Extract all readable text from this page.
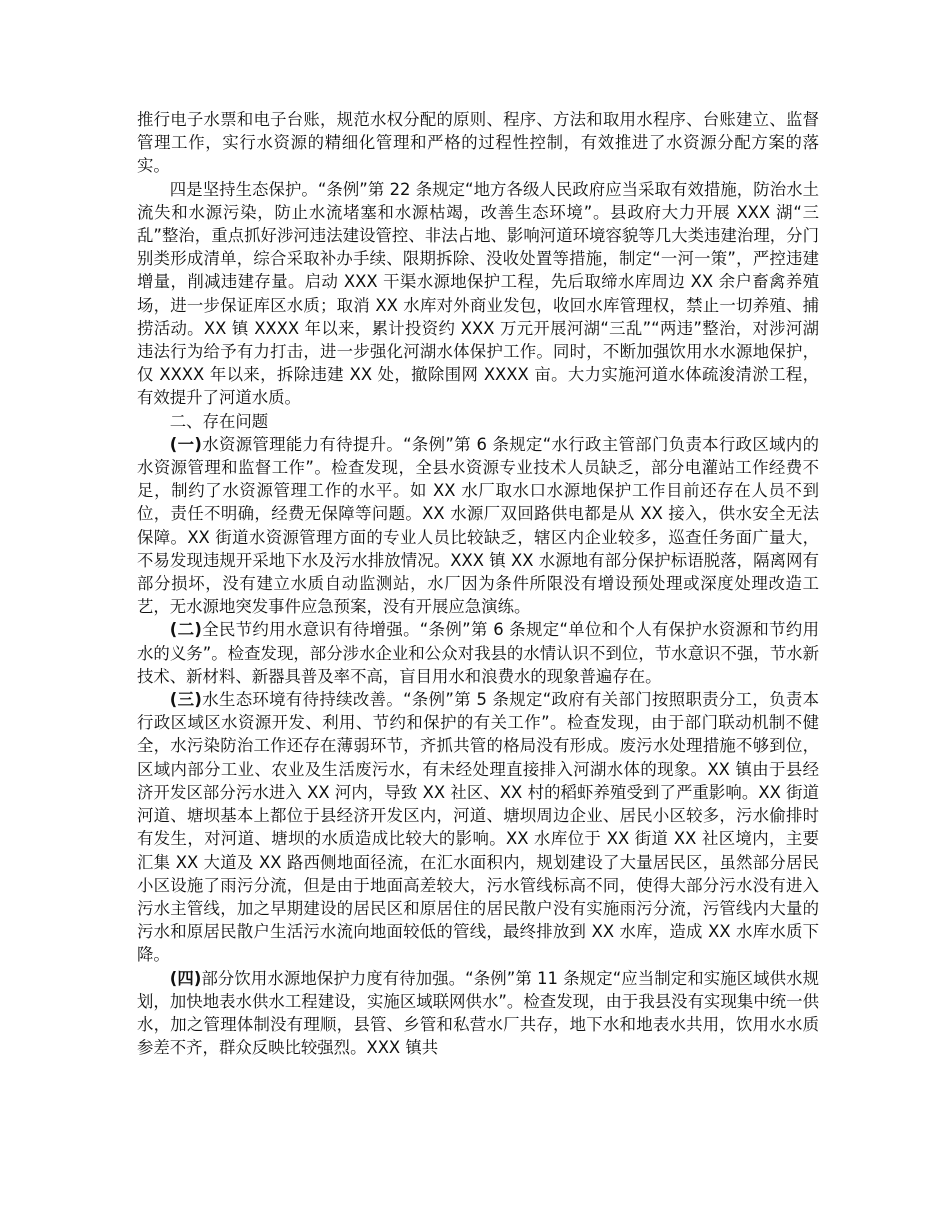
推行电子水票和电子台账，规范水权分配的原则、程序、方法和取用水程序、台账建立、监督管理工作，实行水资源的精细化管理和严格的过程性控制，有效推进了水资源分配方案的落实。

四是坚持生态保护。“条例”第 22 条规定“地方各级人民政府应当采取有效措施，防治水土流失和水源污染，防止水流堵塞和水源枯竭，改善生态环境”。县政府大力开展 XXX 湖“三乱”整治，重点抓好涉河违法建设管控、非法占地、影响河道环境容貌等几大类违建治理，分门别类形成清单，综合采取补办手续、限期拆除、没收处置等措施，制定“一河一策”，严控违建增量，削减违建存量。启动 XXX 干渠水源地保护工程，先后取缔水库周边 XX 余户畜禽养殖场，进一步保证库区水质；取消 XX 水库对外商业发包，收回水库管理权，禁止一切养殖、捕捞活动。XX 镇 XXXX 年以来，累计投资约 XXX 万元开展河湖“三乱”“两违”整治，对涉河湖违法行为给予有力打击，进一步强化河湖水体保护工作。同时，不断加强饮用水水源地保护，仅 XXXX 年以来，拆除违建 XX 处，撤除围网 XXXX 亩。大力实施河道水体疏浚清淤工程，有效提升了河道水质。

二、存在问题

(一)水资源管理能力有待提升。“条例”第 6 条规定“水行政主管部门负责本行政区域内的水资源管理和监督工作”。检查发现，全县水资源专业技术人员缺乏，部分电灌站工作经费不足，制约了水资源管理工作的水平。如 XX 水厂取水口水源地保护工作目前还存在人员不到位，责任不明确，经费无保障等问题。XX 水源厂双回路供电都是从 XX 接入，供水安全无法保障。XX 街道水资源管理方面的专业人员比较缺乏，辖区内企业较多，巡查任务面广量大，不易发现违规开采地下水及污水排放情况。XXX 镇 XX 水源地有部分保护标语脱落，隔离网有部分损坏，没有建立水质自动监测站，水厂因为条件所限没有增设预处理或深度处理改造工艺，无水源地突发事件应急预案，没有开展应急演练。

(二)全民节约用水意识有待增强。“条例”第 6 条规定“单位和个人有保护水资源和节约用水的义务”。检查发现，部分涉水企业和公众对我县的水情认识不到位，节水意识不强，节水新技术、新材料、新器具普及率不高，盲目用水和浪费水的现象普遍存在。

(三)水生态环境有待持续改善。“条例”第 5 条规定“政府有关部门按照职责分工，负责本行政区域区水资源开发、利用、节约和保护的有关工作”。检查发现，由于部门联动机制不健全，水污染防治工作还存在薄弱环节，齐抓共管的格局没有形成。废污水处理措施不够到位，区域内部分工业、农业及生活废污水，有未经处理直接排入河湖水体的现象。XX 镇由于县经济开发区部分污水进入 XX 河内，导致 XX 社区、XX 村的稻虾养殖受到了严重影响。XX 街道河道、塘坝基本上都位于县经济开发区内，河道、塘坝周边企业、居民小区较多，污水偷排时有发生，对河道、塘坝的水质造成比较大的影响。XX 水库位于 XX 街道 XX 社区境内，主要汇集 XX 大道及 XX 路西侧地面径流，在汇水面积内，规划建设了大量居民区，虽然部分居民小区设施了雨污分流，但是由于地面高差较大，污水管线标高不同，使得大部分污水没有进入污水主管线，加之早期建设的居民区和原居住的居民散户没有实施雨污分流，污管线内大量的污水和原居民散户生活污水流向地面较低的管线，最终排放到 XX 水库，造成 XX 水库水质下降。

(四)部分饮用水源地保护力度有待加强。“条例”第 11 条规定“应当制定和实施区域供水规划，加快地表水供水工程建设，实施区域联网供水”。检查发现，由于我县没有实现集中统一供水，加之管理体制没有理顺，县管、乡管和私营水厂共存，地下水和地表水共用，饮用水水质参差不齐，群众反映比较强烈。XXX 镇共
